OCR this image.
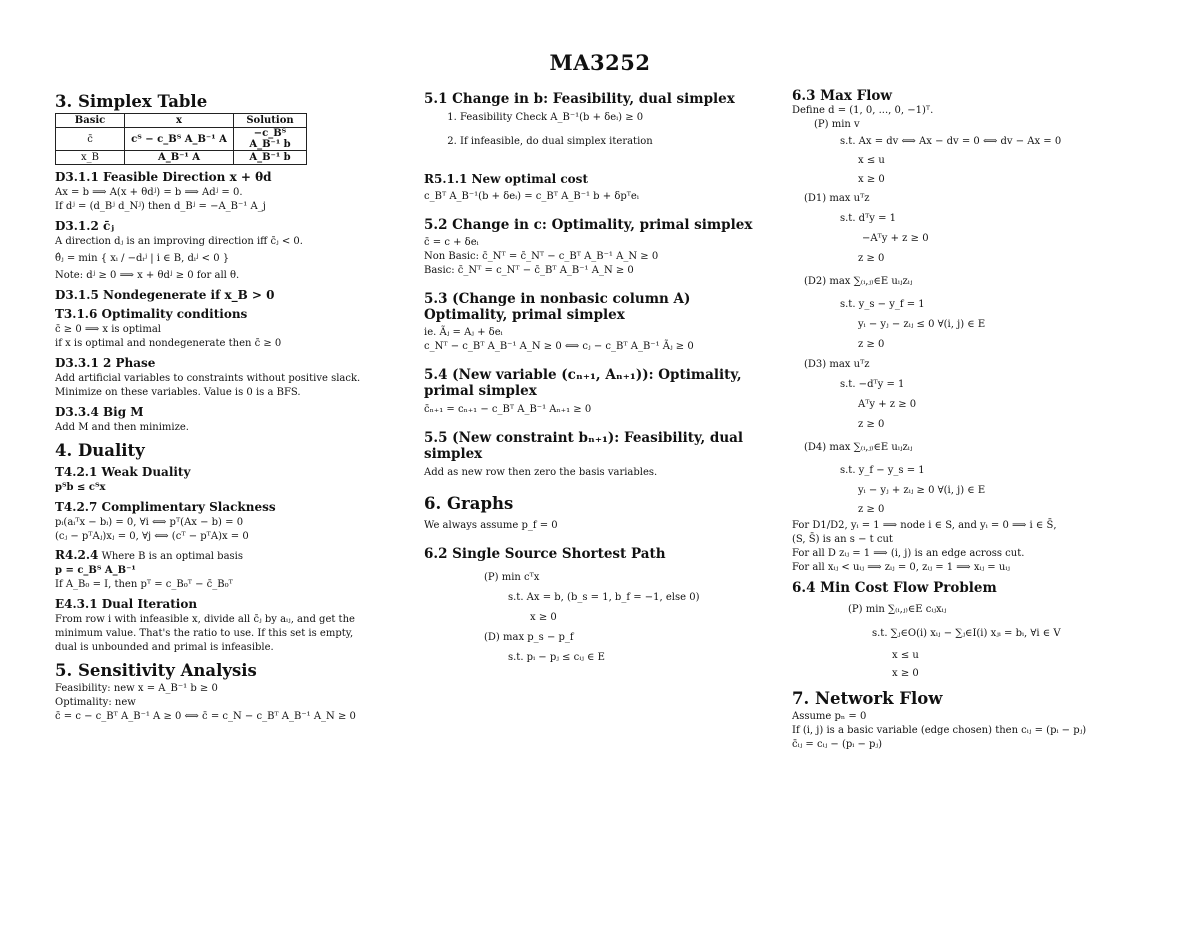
MA3252
3. Simplex Table
Basic	x	Solution
c̄	cᵀ − c_Bᵀ A_B⁻¹ A	−c_Bᵀ A_B⁻¹ b
x_B	A_B⁻¹ A	A_B⁻¹ b
D3.1.1 Feasible Direction x + θd
Ax = b ⟹ A(x + θdʲ) = b ⟹ Adʲ = 0.
If dʲ = (d_Bʲ d_Nʲ) then d_Bʲ = −A_B⁻¹ A_j
D3.1.2 c̄ⱼ
A direction dⱼ is an improving direction iff c̄ⱼ < 0.
θ̂ⱼ = min { xᵢ / −dᵢʲ | i ∈ B, dᵢʲ < 0 }
Note: dʲ ≥ 0 ⟹ x + θdʲ ≥ 0 for all θ.
D3.1.5 Nondegenerate if x_B > 0
T3.1.6 Optimality conditions
c̄ ≥ 0 ⟹ x is optimal
if x is optimal and nondegenerate then c̄ ≥ 0
D3.3.1 2 Phase
Add artificial variables to constraints without positive slack.
Minimize on these variables. Value is 0 is a BFS.
D3.3.4 Big M
Add M and then minimize.
4. Duality
T4.2.1 Weak Duality
pᵀb ≤ cᵀx
T4.2.7 Complimentary Slackness
pᵢ(aᵢᵀx − bᵢ) = 0, ∀i ⟺ pᵀ(Ax − b) = 0
(cⱼ − pᵀAⱼ)xⱼ = 0, ∀j ⟺ (cᵀ − pᵀA)x = 0
R4.2.4 Where B is an optimal basis
p = c_Bᵀ A_B⁻¹
If A_B₀ = I, then pᵀ = c_B₀ᵀ − c̄_B₀ᵀ
E4.3.1 Dual Iteration
From row i with infeasible x, divide all c̄ⱼ by aᵢⱼ, and get the
minimum value. That's the ratio to use. If this set is empty,
dual is unbounded and primal is infeasible.
5. Sensitivity Analysis
Feasibility: new x = A_B⁻¹ b ≥ 0
Optimality: new
c̄ = c − c_Bᵀ A_B⁻¹ A ≥ 0 ⟺ c̄ = c_N − c_Bᵀ A_B⁻¹ A_N ≥ 0
5.1 Change in b: Feasibility, dual simplex
1. Feasibility Check A_B⁻¹(b + δeᵢ) ≥ 0
2. If infeasible, do dual simplex iteration
R5.1.1 New optimal cost
c_Bᵀ A_B⁻¹(b + δeᵢ) = c_Bᵀ A_B⁻¹ b + δpᵀeᵢ
5.2 Change in c: Optimality, primal simplex
c̄ = c + δeᵢ
Non Basic: c̄_Nᵀ = c̄_Nᵀ − c_Bᵀ A_B⁻¹ A_N ≥ 0
Basic: c̄_Nᵀ = c_Nᵀ − c̄_Bᵀ A_B⁻¹ A_N ≥ 0
5.3 (Change in nonbasic column A)
Optimality, primal simplex
ie. Ãⱼ = Aⱼ + δeᵢ
c_Nᵀ − c_Bᵀ A_B⁻¹ A_N ≥ 0 ⟺ cⱼ − c_Bᵀ A_B⁻¹ Ãⱼ ≥ 0
5.4 (New variable (cₙ₊₁, Aₙ₊₁)): Optimality,
primal simplex
c̄ₙ₊₁ = cₙ₊₁ − c_Bᵀ A_B⁻¹ Aₙ₊₁ ≥ 0
5.5 (New constraint bₙ₊₁): Feasibility, dual
simplex
Add as new row then zero the basis variables.
6. Graphs
We always assume p_f = 0
6.2 Single Source Shortest Path
(P) min cᵀx
s.t. Ax = b, (b_s = 1, b_f = −1, else 0)
x ≥ 0
(D) max p_s − p_f
s.t. pᵢ − pⱼ ≤ cᵢⱼ ∈ E
6.3 Max Flow
Define d = (1, 0, ..., 0, −1)ᵀ.
(P) min v
s.t. Ax = dv ⟺ Ax − dv = 0 ⟺ dv − Ax = 0
x ≤ u
x ≥ 0
(D1) max uᵀz
s.t. dᵀy = 1
−Aᵀy + z ≥ 0
z ≥ 0
(D2) max ∑₍ᵢ,ⱼ₎∈E uᵢⱼzᵢⱼ
s.t. y_s − y_f = 1
yᵢ − yⱼ − zᵢⱼ ≤ 0 ∀(i, j) ∈ E
z ≥ 0
(D3) max uᵀz
s.t. −dᵀy = 1
Aᵀy + z ≥ 0
z ≥ 0
(D4) max ∑₍ᵢ,ⱼ₎∈E uᵢⱼzᵢⱼ
s.t. y_f − y_s = 1
yᵢ − yⱼ + zᵢⱼ ≥ 0 ∀(i, j) ∈ E
z ≥ 0
For D1/D2, yᵢ = 1 ⟹ node i ∈ S, and yᵢ = 0 ⟹ i ∈ S̄,
(S, S̄) is an s − t cut
For all D zᵢⱼ = 1 ⟹ (i, j) is an edge across cut.
For all xᵢⱼ < uᵢⱼ ⟹ zᵢⱼ = 0, zᵢⱼ = 1 ⟹ xᵢⱼ = uᵢⱼ
6.4 Min Cost Flow Problem
(P) min ∑₍ᵢ,ⱼ₎∈E cᵢⱼxᵢⱼ
s.t. ∑ⱼ∈O(i) xᵢⱼ − ∑ⱼ∈I(i) xⱼᵢ = bᵢ, ∀i ∈ V
x ≤ u
x ≥ 0
7. Network Flow
Assume pₙ = 0
If (i, j) is a basic variable (edge chosen) then cᵢⱼ = (pᵢ − pⱼ)
c̄ᵢⱼ = cᵢⱼ − (pᵢ − pⱼ)
